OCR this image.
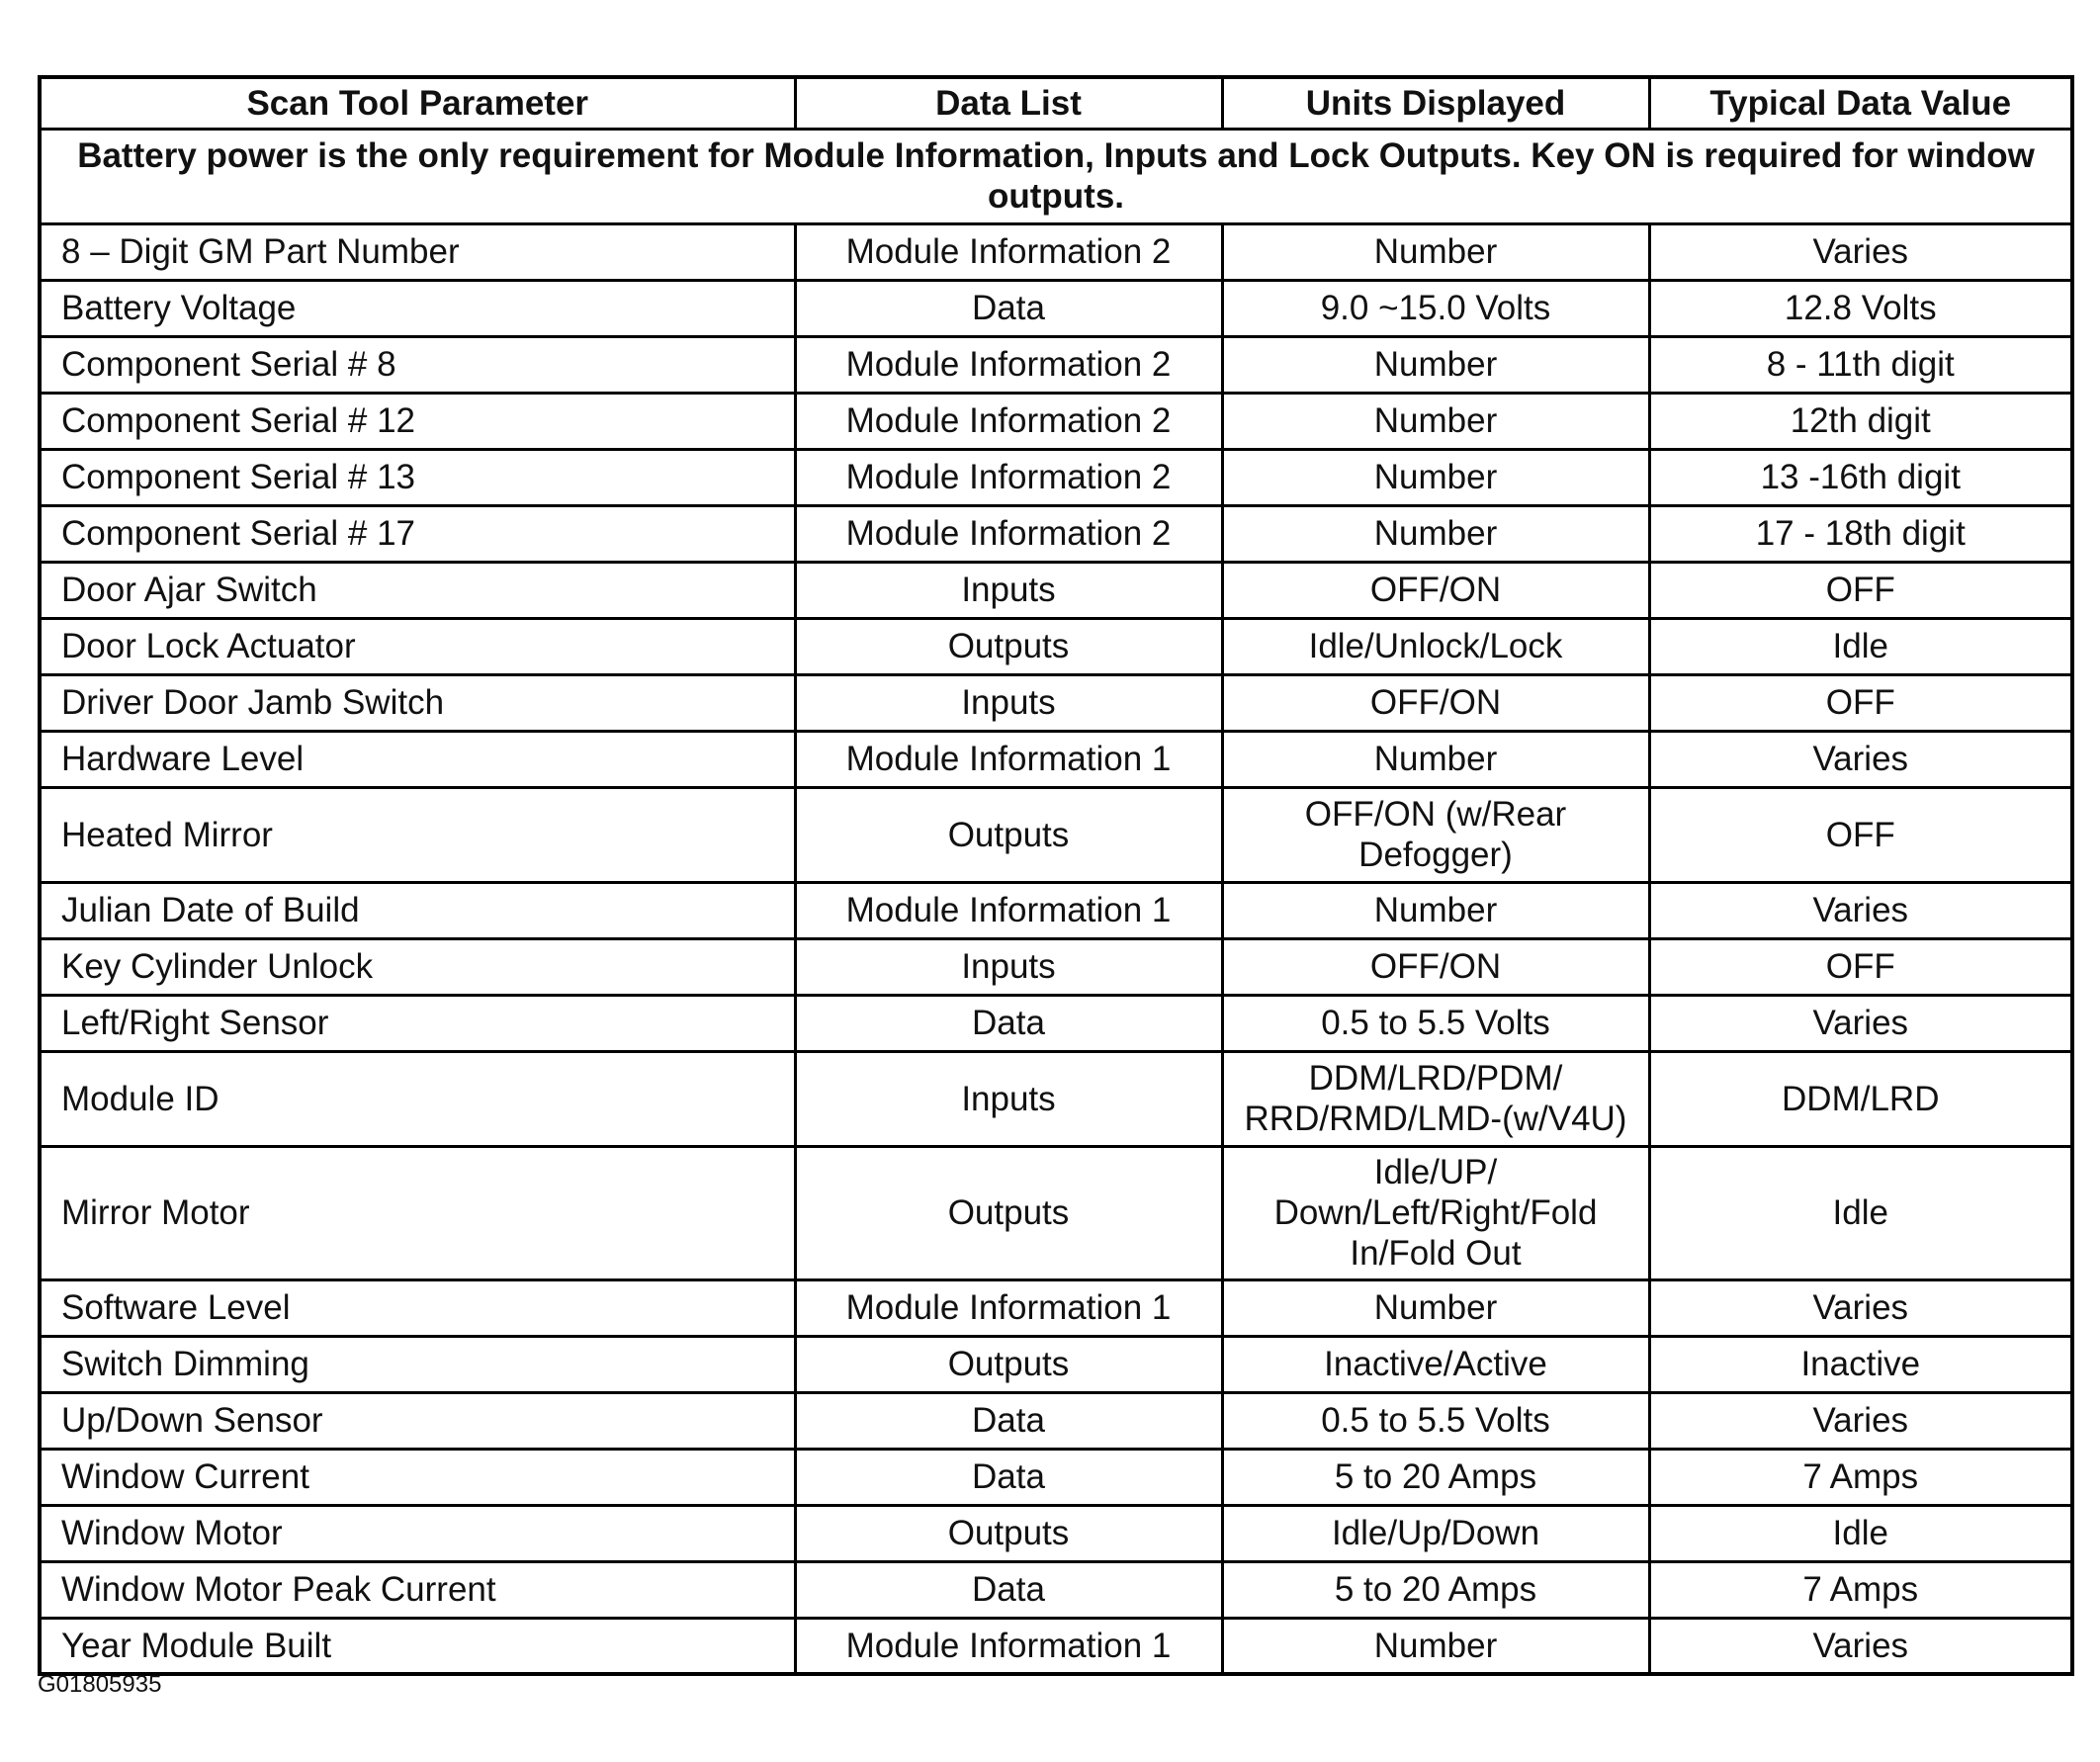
Scan Tool Parameter	Data List	Units Displayed	Typical Data Value
Battery power is the only requirement for Module Information, Inputs and Lock Outputs. Key ON is required for window outputs.			
8 – Digit GM Part Number	Module Information 2	Number	Varies
Battery Voltage	Data	9.0 ~15.0 Volts	12.8 Volts
Component Serial # 8	Module Information 2	Number	8 - 11th digit
Component Serial # 12	Module Information 2	Number	12th digit
Component Serial # 13	Module Information 2	Number	13 -16th digit
Component Serial # 17	Module Information 2	Number	17 - 18th digit
Door Ajar Switch	Inputs	OFF/ON	OFF
Door Lock Actuator	Outputs	Idle/Unlock/Lock	Idle
Driver Door Jamb Switch	Inputs	OFF/ON	OFF
Hardware Level	Module Information 1	Number	Varies
Heated Mirror	Outputs	OFF/ON (w/Rear Defogger)	OFF
Julian Date of Build	Module Information 1	Number	Varies
Key Cylinder Unlock	Inputs	OFF/ON	OFF
Left/Right Sensor	Data	0.5 to 5.5 Volts	Varies
Module ID	Inputs	DDM/LRD/PDM/ RRD/RMD/LMD-(w/V4U)	DDM/LRD
Mirror Motor	Outputs	Idle/UP/ Down/Left/Right/Fold In/Fold Out	Idle
Software Level	Module Information 1	Number	Varies
Switch Dimming	Outputs	Inactive/Active	Inactive
Up/Down Sensor	Data	0.5 to 5.5 Volts	Varies
Window Current	Data	5 to 20 Amps	7 Amps
Window Motor	Outputs	Idle/Up/Down	Idle
Window Motor Peak Current	Data	5 to 20 Amps	7 Amps
Year Module Built	Module Information 1	Number	Varies
G01805935
